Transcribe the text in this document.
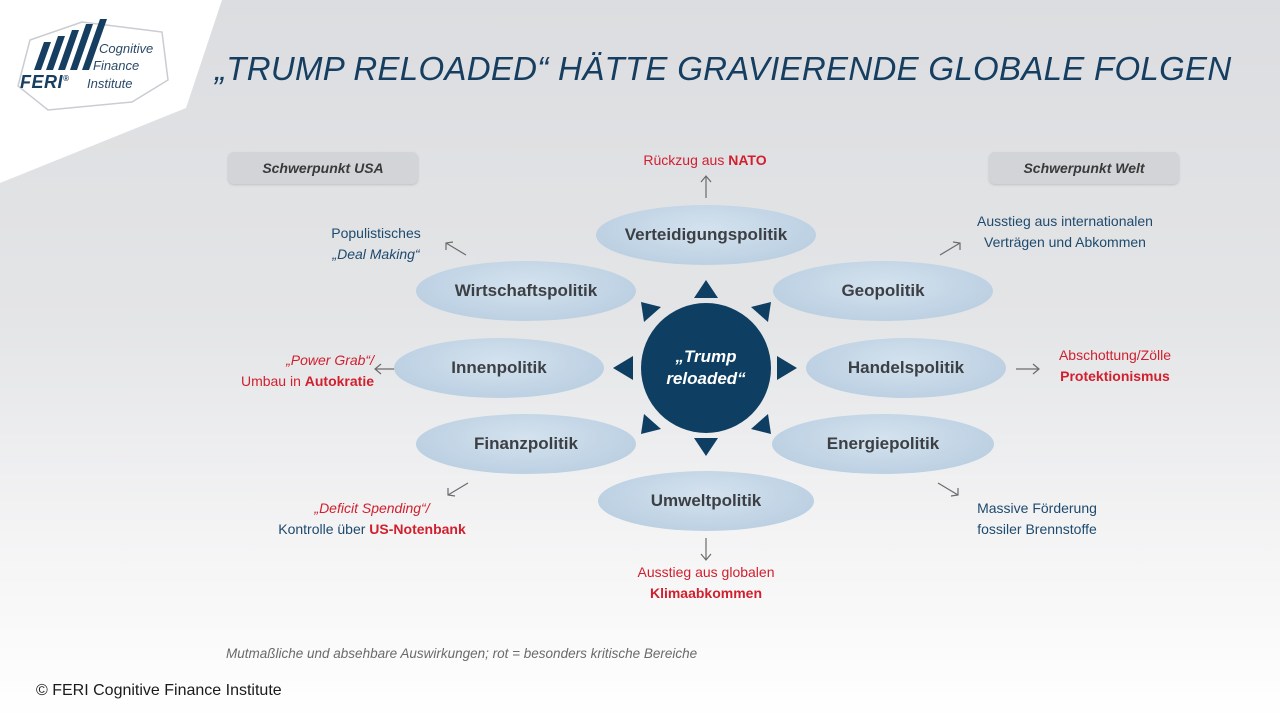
FERI®
Cognitive
Finance
Institute „TRUMP RELOADED“ HÄTTE GRAVIERENDE GLOBALE FOLGEN
Schwerpunkt USA	Schwerpunkt Welt
Verteidigungspolitik
Wirtschaftspolitik	Geopolitik
Innenpolitik	Handelspolitik
Finanzpolitik	Energiepolitik
Umweltpolitik
„Trump
reloaded“
Rückzug aus NATO
Populistisches
„Deal Making“
Ausstieg aus internationalen
Verträgen und Abkommen
„Power Grab“/
Umbau in Autokratie
Abschottung/Zölle
Protektionismus
„Deficit Spending“/
Kontrolle über US-Notenbank
Massive Förderung
fossiler Brennstoffe
Ausstieg aus globalen
Klimaabkommen
Mutmaßliche und absehbare Auswirkungen; rot = besonders kritische Bereiche
© FERI Cognitive Finance Institute
